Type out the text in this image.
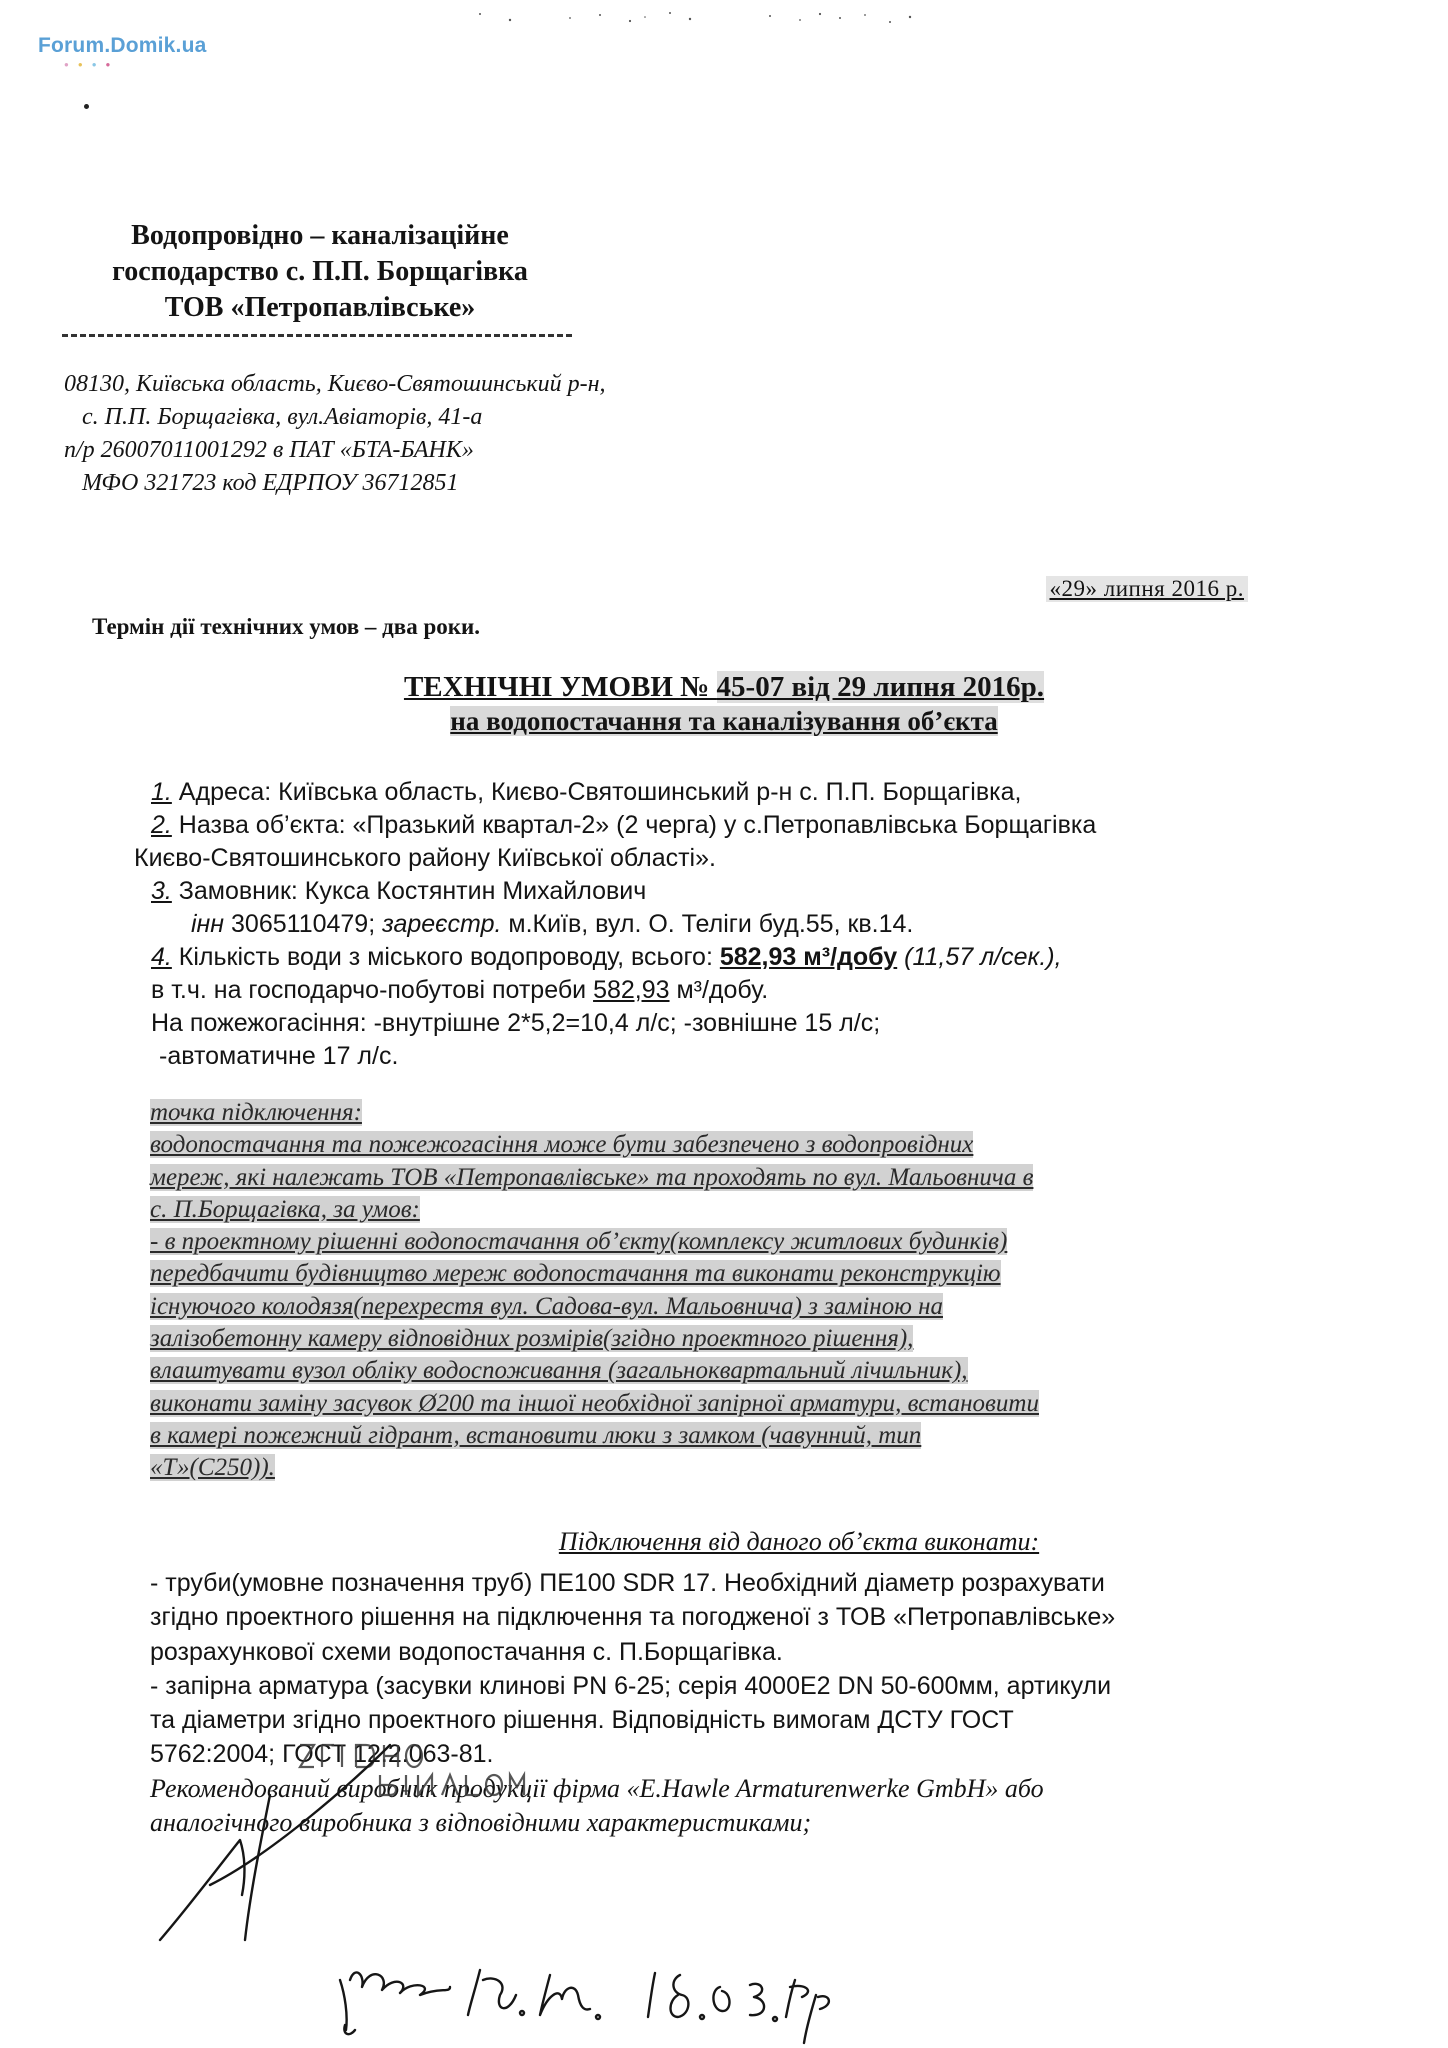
Forum.Domik.ua
●●●●
Водопровідно – каналізаційне
господарство с. П.П. Борщагівка
ТОВ «Петропавлівське»
08130, Київська область, Києво-Святошинський р-н,
с. П.П. Борщагівка, вул.Авіаторів, 41-а
п/р 26007011001292 в ПАТ «БТА-БАНК»
МФО 321723 код ЕДРПОУ 36712851
«29» липня 2016 р.
Термін дії технічних умов – два роки.
ТЕХНІЧНІ УМОВИ № 45-07 від 29 липня 2016р.
на водопостачання та каналізування об’єкта
1. Адреса: Київська область, Києво-Святошинський р-н с. П.П. Борщагівка,
2. Назва об’єкта: «Празький квартал-2» (2 черга) у с.Петропавлівська Борщагівка
Києво-Святошинського району Київської області».
3. Замовник: Кукса Костянтин Михайлович
інн 3065110479; зареєстр. м.Київ, вул. О. Теліги буд.55, кв.14.
4. Кількість води з міського водопроводу, всього: 582,93 м³/добу (11,57 л/сек.),
в т.ч. на господарчо-побутові потреби 582,93 м³/добу.
На пожежогасіння: -внутрішне 2*5,2=10,4 л/с; -зовнішне 15 л/с;
-автоматичне 17 л/с.
точка підключення:
водопостачання та пожежогасіння може бути забезпечено з водопровідних
мереж, які належать ТОВ «Петропавлівське» та проходять по вул. Мальовнича в
с. П.Борщагівка, за умов:
- в проектному рішенні водопостачання об’єкту(комплексу житлових будинків)
передбачити будівництво мереж водопостачання та виконати реконструкцію
існуючого колодязя(перехрестя вул. Садова-вул. Мальовнича) з заміною на
залізобетонну камеру відповідних розмірів(згідно проектного рішення),
влаштувати вузол обліку водоспоживання (загальноквартальний лічильник),
виконати заміну засувок Ø200 та іншої необхідної запірної арматури, встановити
в камері пожежний гідрант, встановити люки з замком (чавунний, тип
«Т»(С250)).
Підключення від даного об’єкта виконати:
- труби(умовне позначення труб) ПЕ100 SDR 17. Необхідний діаметр розрахувати
згідно проектного рішення на підключення та погодженої з ТОВ «Петропавлівське»
розрахункової схеми водопостачання с. П.Борщагівка.
- запірна арматура (засувки клинові PN 6-25; серія 4000E2 DN 50-600мм, артикули
та діаметри згідно проектного рішення. Відповідність вимогам ДСТУ ГОСТ
5762:2004; ГОСТ 12.2.063-81.
Рекомендований виробник продукції фірма «E.Hawle Armaturenwerke GmbH» або
аналогічного виробника з відповідними характеристиками;
